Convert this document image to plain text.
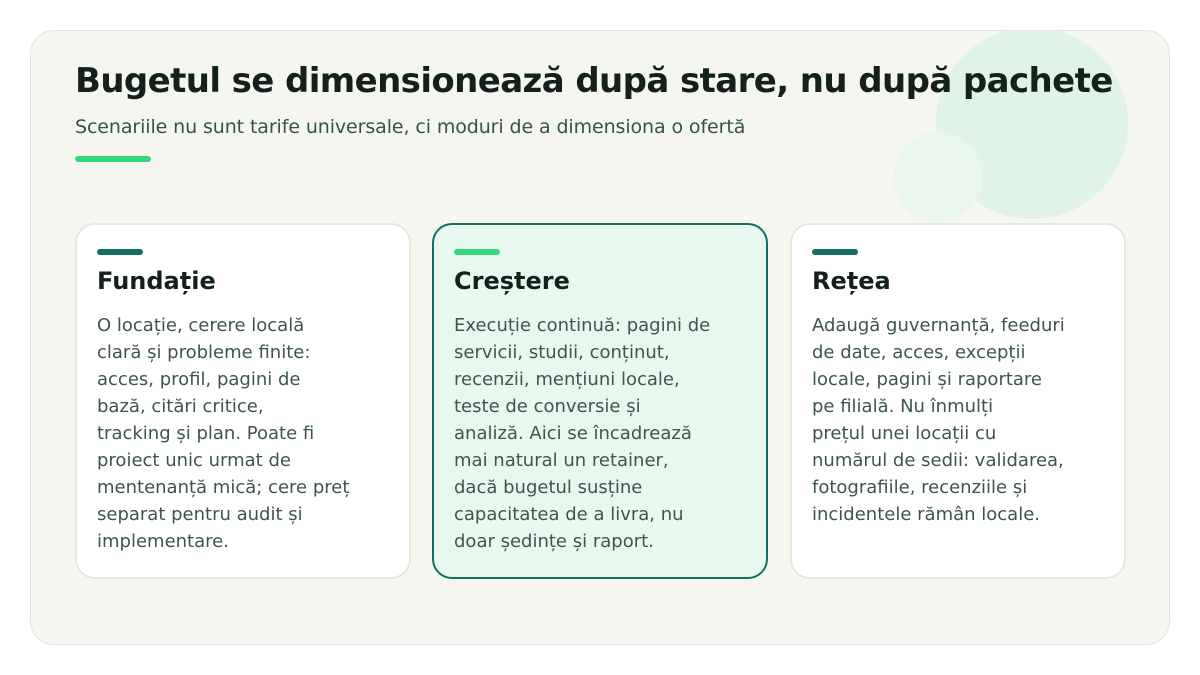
Bugetul se dimensionează după stare, nu după pachete

Scenariile nu sunt tarife universale, ci moduri de a dimensiona o ofertă

Fundație

O locație, cerere locală
clară și probleme finite:
acces, profil, pagini de
bază, citări critice,
tracking și plan. Poate fi
proiect unic urmat de
mentenanță mică; cere preț
separat pentru audit și
implementare.

Creștere

Execuție continuă: pagini de
servicii, studii, conținut,
recenzii, mențiuni locale,
teste de conversie și
analiză. Aici se încadrează
mai natural un retainer,
dacă bugetul susține
capacitatea de a livra, nu
doar ședințe și raport.

Rețea

Adaugă guvernanță, feeduri
de date, acces, excepții
locale, pagini și raportare
pe filială. Nu înmulți
prețul unei locații cu
numărul de sedii: validarea,
fotografiile, recenziile și
incidentele rămân locale.
